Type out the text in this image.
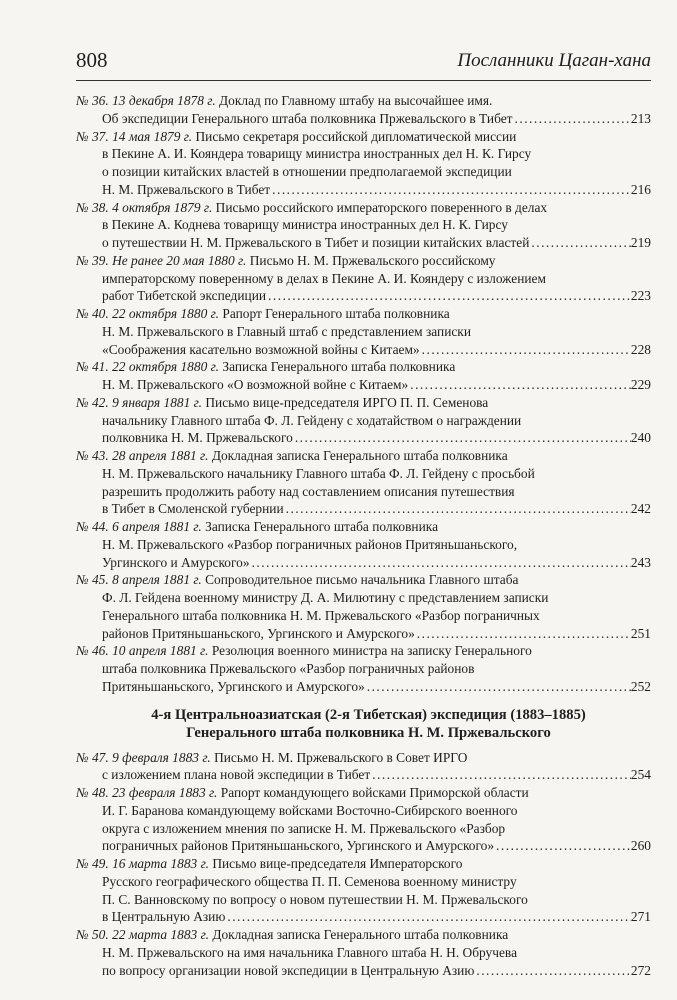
808	Посланники Цаган-хана
№ 36. 13 декабря 1878 г. Доклад по Главному штабу на высочайшее имя.
Об экспедиции Генерального штаба полковника Пржевальского в Тибет .....	213
№ 37. 14 мая 1879 г. Письмо секретаря российской дипломатической миссии
в Пекине А. И. Кояндера товарищу министра иностранных дел Н. К. Гирсу
о позиции китайских властей в отношении предполагаемой экспедиции
Н. М. Пржевальского в Тибет .....	216
№ 38. 4 октября 1879 г. Письмо российского императорского поверенного в делах
в Пекине А. Коднева товарищу министра иностранных дел Н. К. Гирсу
о путешествии Н. М. Пржевальского в Тибет и позиции китайских властей .....	219
№ 39. Не ранее 20 мая 1880 г. Письмо Н. М. Пржевальского российскому
императорскому поверенному в делах в Пекине А. И. Кояндеру с изложением
работ Тибетской экспедиции .....	223
№ 40. 22 октября 1880 г. Рапорт Генерального штаба полковника
Н. М. Пржевальского в Главный штаб с представлением записки
«Соображения касательно возможной войны с Китаем» .....	228
№ 41. 22 октября 1880 г. Записка Генерального штаба полковника
Н. М. Пржевальского «О возможной войне с Китаем» .....	229
№ 42. 9 января 1881 г. Письмо вице-председателя ИРГО П. П. Семенова
начальнику Главного штаба Ф. Л. Гейдену с ходатайством о награждении
полковника Н. М. Пржевальского .....	240
№ 43. 28 апреля 1881 г. Докладная записка Генерального штаба полковника
Н. М. Пржевальского начальнику Главного штаба Ф. Л. Гейдену с просьбой
разрешить продолжить работу над составлением описания путешествия
в Тибет в Смоленской губернии .....	242
№ 44. 6 апреля 1881 г. Записка Генерального штаба полковника
Н. М. Пржевальского «Разбор пограничных районов Притяньшаньского,
Ургинского и Амурского» .....	243
№ 45. 8 апреля 1881 г. Сопроводительное письмо начальника Главного штаба
Ф. Л. Гейдена военному министру Д. А. Милютину с представлением записки
Генерального штаба полковника Н. М. Пржевальского «Разбор пограничных
районов Притяньшаньского, Ургинского и Амурского» .....	251
№ 46. 10 апреля 1881 г. Резолюция военного министра на записку Генерального
штаба полковника Пржевальского «Разбор пограничных районов
Притяньшаньского, Ургинского и Амурского» .....	252
4-я Центральноазиатская (2-я Тибетская) экспедиция (1883–1885)
Генерального штаба полковника Н. М. Пржевальского
№ 47. 9 февраля 1883 г. Письмо Н. М. Пржевальского в Совет ИРГО
с изложением плана новой экспедиции в Тибет .....	254
№ 48. 23 февраля 1883 г. Рапорт командующего войсками Приморской области
И. Г. Баранова командующему войсками Восточно-Сибирского военного
округа с изложением мнения по записке Н. М. Пржевальского «Разбор
пограничных районов Притяньшаньского, Ургинского и Амурского» .....	260
№ 49. 16 марта 1883 г. Письмо вице-председателя Императорского
Русского географического общества П. П. Семенова военному министру
П. С. Ванновскому по вопросу о новом путешествии Н. М. Пржевальского
в Центральную Азию .....	271
№ 50. 22 марта 1883 г. Докладная записка Генерального штаба полковника
Н. М. Пржевальского на имя начальника Главного штаба Н. Н. Обручева
по вопросу организации новой экспедиции в Центральную Азию .....	272
